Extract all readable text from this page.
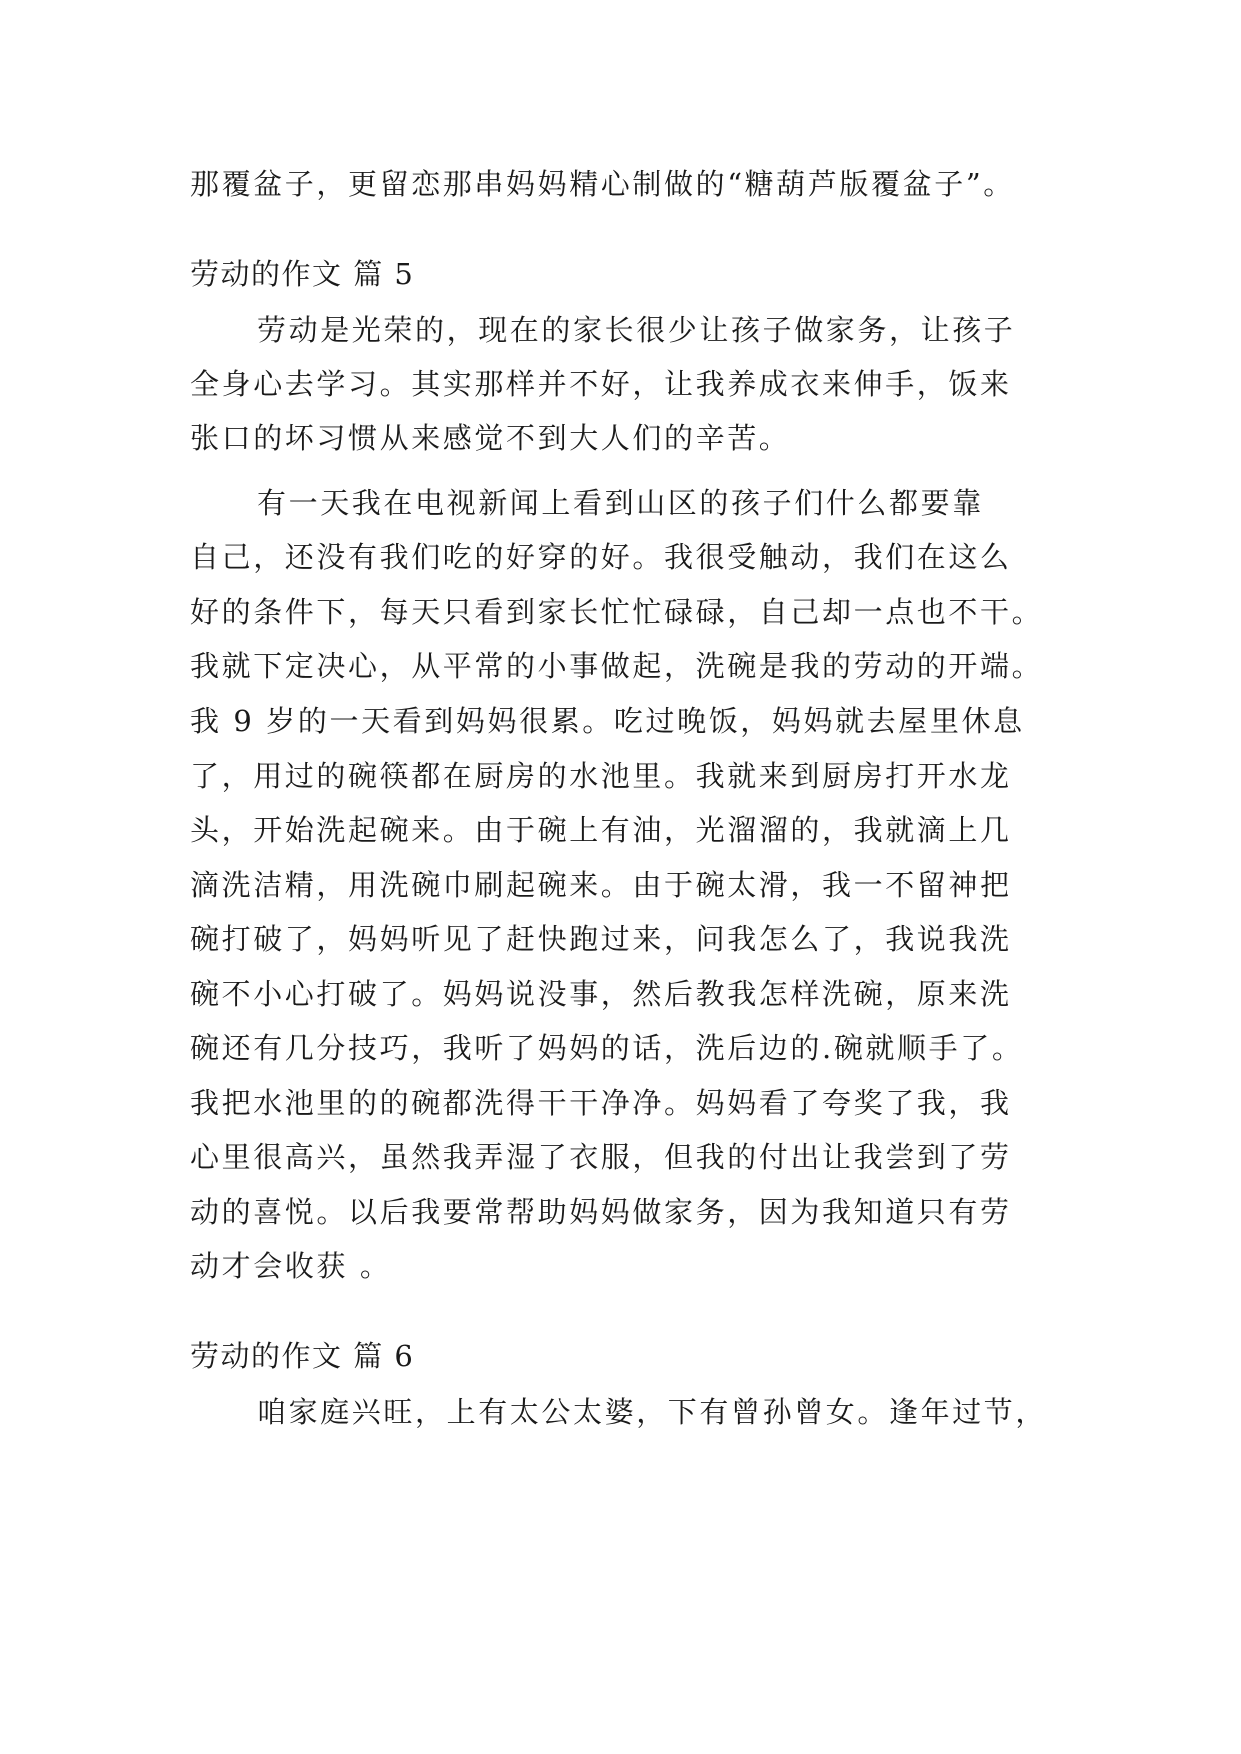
那覆盆子，更留恋那串妈妈精心制做的“糖葫芦版覆盆子”。
劳动的作文 篇 5
劳动是光荣的，现在的家长很少让孩子做家务，让孩子
全身心去学习。其实那样并不好，让我养成衣来伸手，饭来
张口的坏习惯从来感觉不到大人们的辛苦。
有一天我在电视新闻上看到山区的孩子们什么都要靠
自己，还没有我们吃的好穿的好。我很受触动，我们在这么
好的条件下，每天只看到家长忙忙碌碌，自己却一点也不干。
我就下定决心，从平常的小事做起，洗碗是我的劳动的开端。
我 9 岁的一天看到妈妈很累。吃过晚饭，妈妈就去屋里休息
了，用过的碗筷都在厨房的水池里。我就来到厨房打开水龙
头，开始洗起碗来。由于碗上有油，光溜溜的，我就滴上几
滴洗洁精，用洗碗巾刷起碗来。由于碗太滑，我一不留神把
碗打破了，妈妈听见了赶快跑过来，问我怎么了，我说我洗
碗不小心打破了。妈妈说没事，然后教我怎样洗碗，原来洗
碗还有几分技巧，我听了妈妈的话，洗后边的.碗就顺手了。
我把水池里的的碗都洗得干干净净。妈妈看了夸奖了我，我
心里很高兴，虽然我弄湿了衣服，但我的付出让我尝到了劳
动的喜悦。以后我要常帮助妈妈做家务，因为我知道只有劳
动才会收获 。
劳动的作文 篇 6
咱家庭兴旺，上有太公太婆，下有曾孙曾女。逢年过节，
